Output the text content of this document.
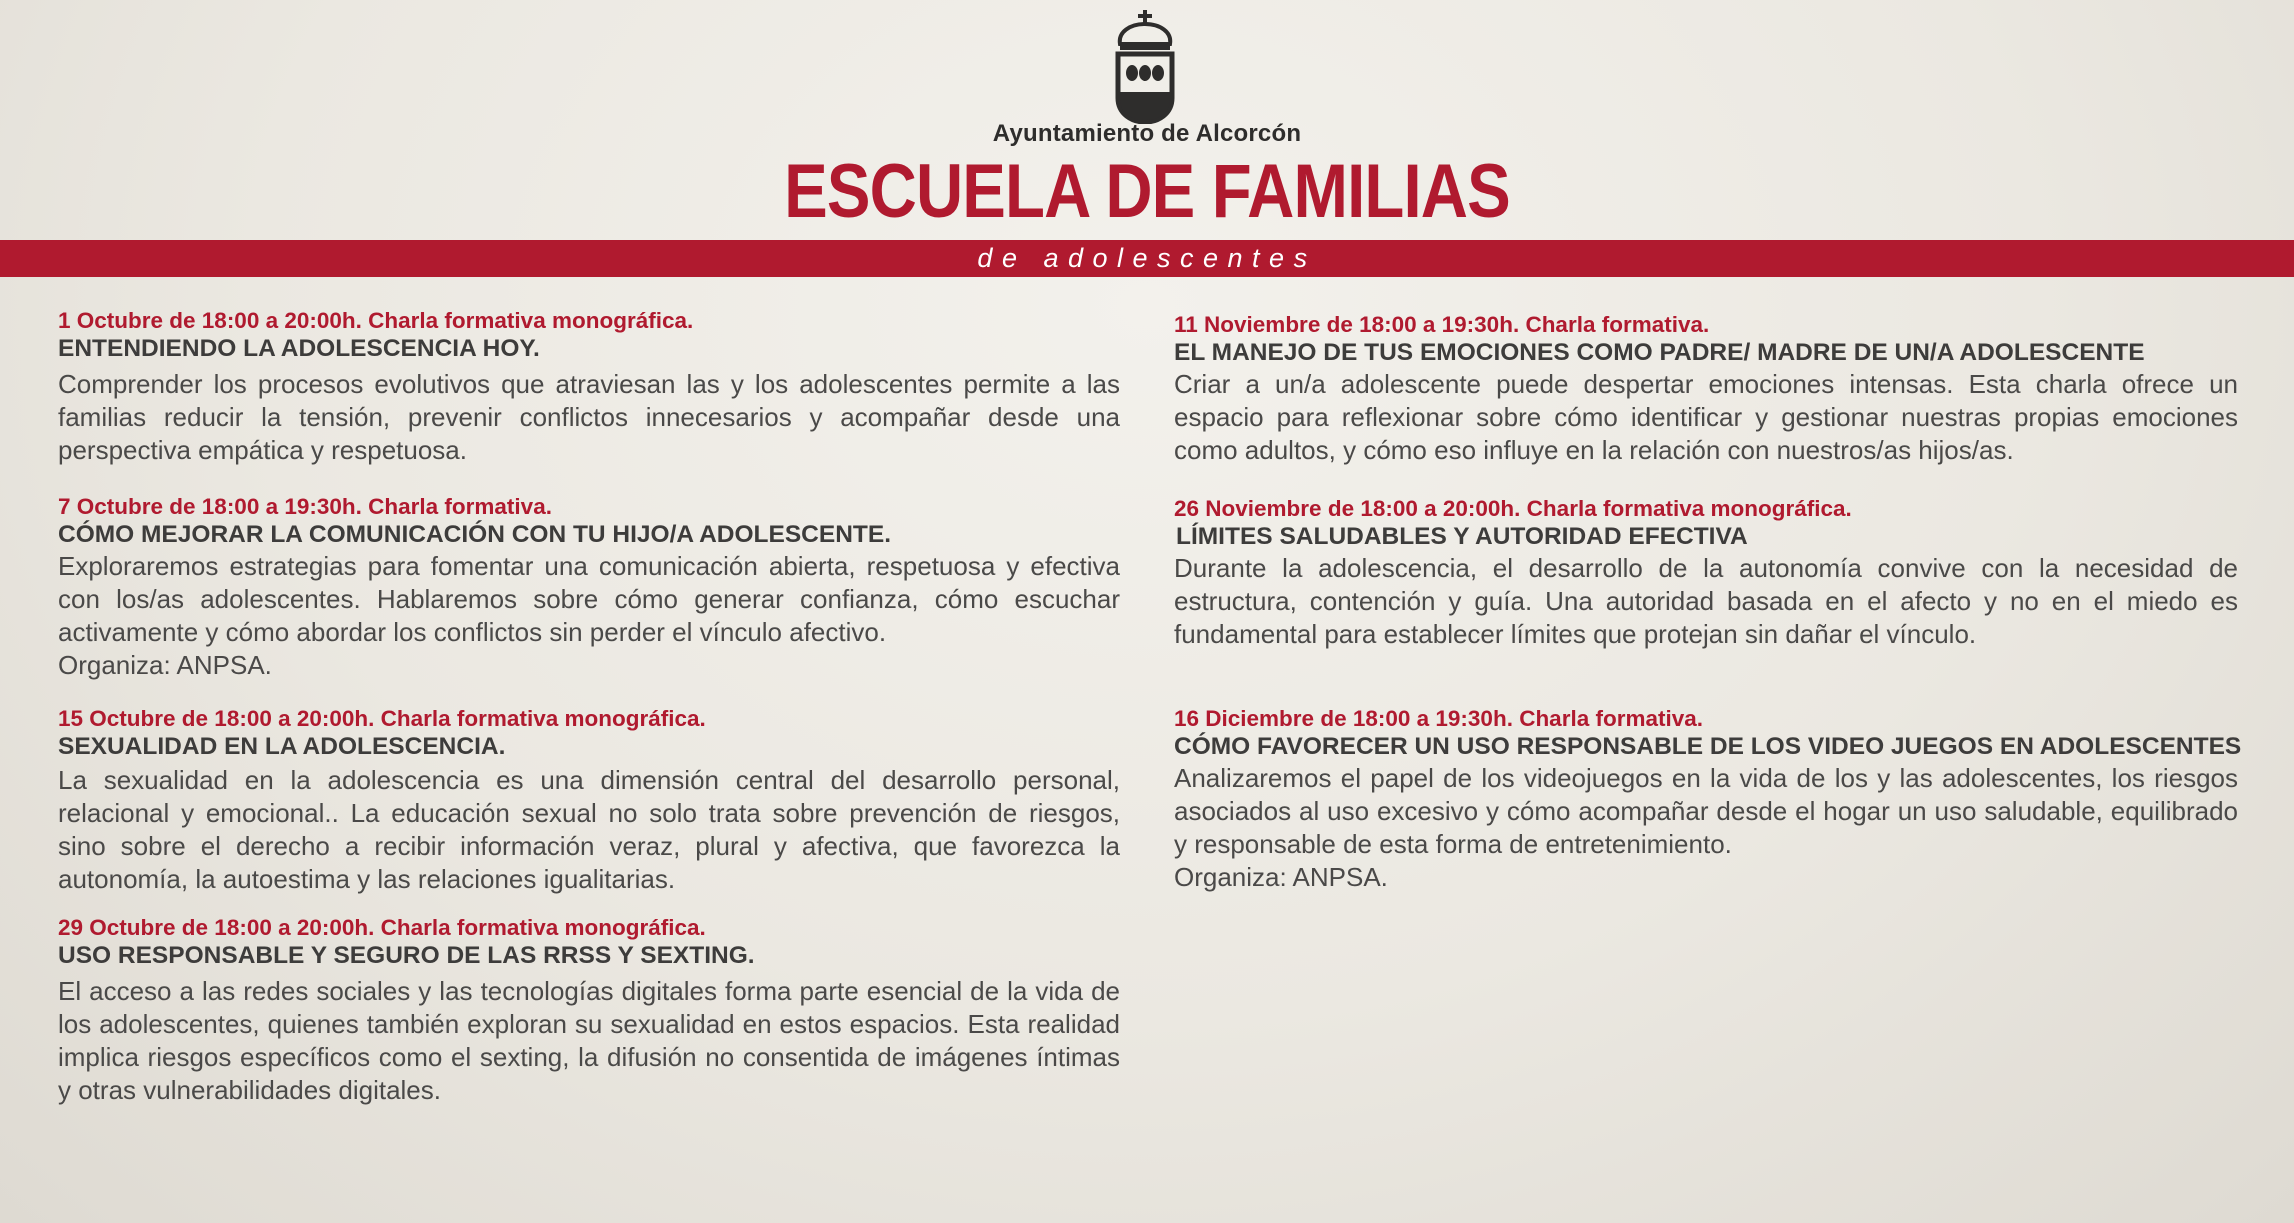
Ayuntamiento de Alcorcón
ESCUELA DE FAMILIAS
de adolescentes
1 Octubre de 18:00 a 20:00h. Charla formativa monográfica.
ENTENDIENDO LA ADOLESCENCIA HOY.

Comprender los procesos evolutivos que atraviesan las y los adolescentes permite a las familias reducir la tensión, prevenir conflictos innecesarios y acompañar desde una perspectiva empática y respetuosa.

7 Octubre de 18:00 a 19:30h. Charla formativa.
CÓMO MEJORAR LA COMUNICACIÓN CON TU HIJO/A ADOLESCENTE.

Exploraremos estrategias para fomentar una comunicación abierta, respetuosa y efectiva con los/as adolescentes. Hablaremos sobre cómo generar confianza, cómo escuchar activamente y cómo abordar los conflictos sin perder el vínculo afectivo.

Organiza: ANPSA.
15 Octubre de 18:00 a 20:00h. Charla formativa monográfica.
SEXUALIDAD EN LA ADOLESCENCIA.

La sexualidad en la adolescencia es una dimensión central del desarrollo personal, relacional y emocional.. La educación sexual no solo trata sobre prevención de riesgos, sino sobre el derecho a recibir información veraz, plural y afectiva, que favorezca la autonomía, la autoestima y las relaciones igualitarias.

29 Octubre de 18:00 a 20:00h. Charla formativa monográfica.
USO RESPONSABLE Y SEGURO DE LAS RRSS Y SEXTING.

El acceso a las redes sociales y las tecnologías digitales forma parte esencial de la vida de los adolescentes, quienes también exploran su sexualidad en estos espacios. Esta realidad implica riesgos específicos como el sexting, la difusión no consentida de imágenes íntimas y otras vulnerabilidades digitales.

11 Noviembre de 18:00 a 19:30h. Charla formativa.
EL MANEJO DE TUS EMOCIONES COMO PADRE/ MADRE DE UN/A ADOLESCENTE

Criar a un/a adolescente puede despertar emociones intensas. Esta charla ofrece un espacio para reflexionar sobre cómo identificar y gestionar nuestras propias emociones como adultos, y cómo eso influye en la relación con nuestros/as hijos/as.

26 Noviembre de 18:00 a 20:00h. Charla formativa monográfica.
LÍMITES SALUDABLES Y AUTORIDAD EFECTIVA

Durante la adolescencia, el desarrollo de la autonomía convive con la necesidad de estructura, contención y guía. Una autoridad basada en el afecto y no en el miedo es fundamental para establecer límites que protejan sin dañar el vínculo.

16 Diciembre de 18:00 a 19:30h. Charla formativa.
CÓMO FAVORECER UN USO RESPONSABLE DE LOS VIDEO JUEGOS EN ADOLESCENTES

Analizaremos el papel de los videojuegos en la vida de los y las adolescentes, los riesgos asociados al uso excesivo y cómo acompañar desde el hogar un uso saludable, equilibrado y responsable de esta forma de entretenimiento.

Organiza: ANPSA.
